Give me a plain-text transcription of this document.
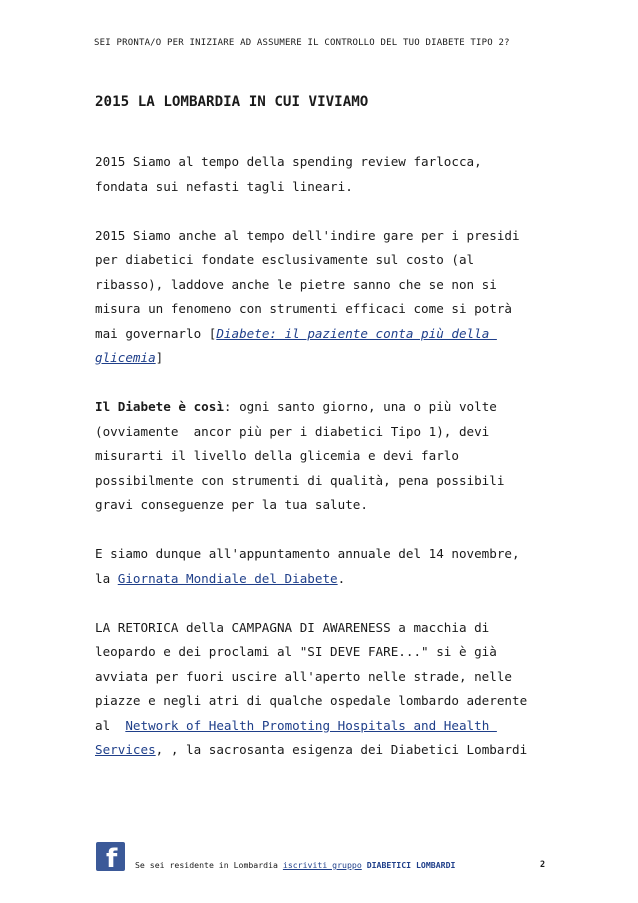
SEI PRONTA/O PER INIZIARE AD ASSUMERE IL CONTROLLO DEL TUO DIABETE TIPO 2?
2015 LA LOMBARDIA IN CUI VIVIAMO

2015 Siamo al tempo della spending review farlocca,
fondata sui nefasti tagli lineari.

2015 Siamo anche al tempo dell'indire gare per i presidi
per diabetici fondate esclusivamente sul costo (al
ribasso), laddove anche le pietre sanno che se non si
misura un fenomeno con strumenti efficaci come si potrà
mai governarlo [Diabete: il paziente conta più della
glicemia]

Il Diabete è così: ogni santo giorno, una o più volte
(ovviamente  ancor più per i diabetici Tipo 1), devi
misurarti il livello della glicemia e devi farlo
possibilmente con strumenti di qualità, pena possibili
gravi conseguenze per la tua salute.

E siamo dunque all'appuntamento annuale del 14 novembre,
la Giornata Mondiale del Diabete.

LA RETORICA della CAMPAGNA DI AWARENESS a macchia di
leopardo e dei proclami al "SI DEVE FARE..." si è già
avviata per fuori uscire all'aperto nelle strade, nelle
piazze e negli atri di qualche ospedale lombardo aderente
al  Network of Health Promoting Hospitals and Health
Services, , la sacrosanta esigenza dei Diabetici Lombardi

f Se sei residente in Lombardia iscriviti gruppo DIABETICI LOMBARDI	2
